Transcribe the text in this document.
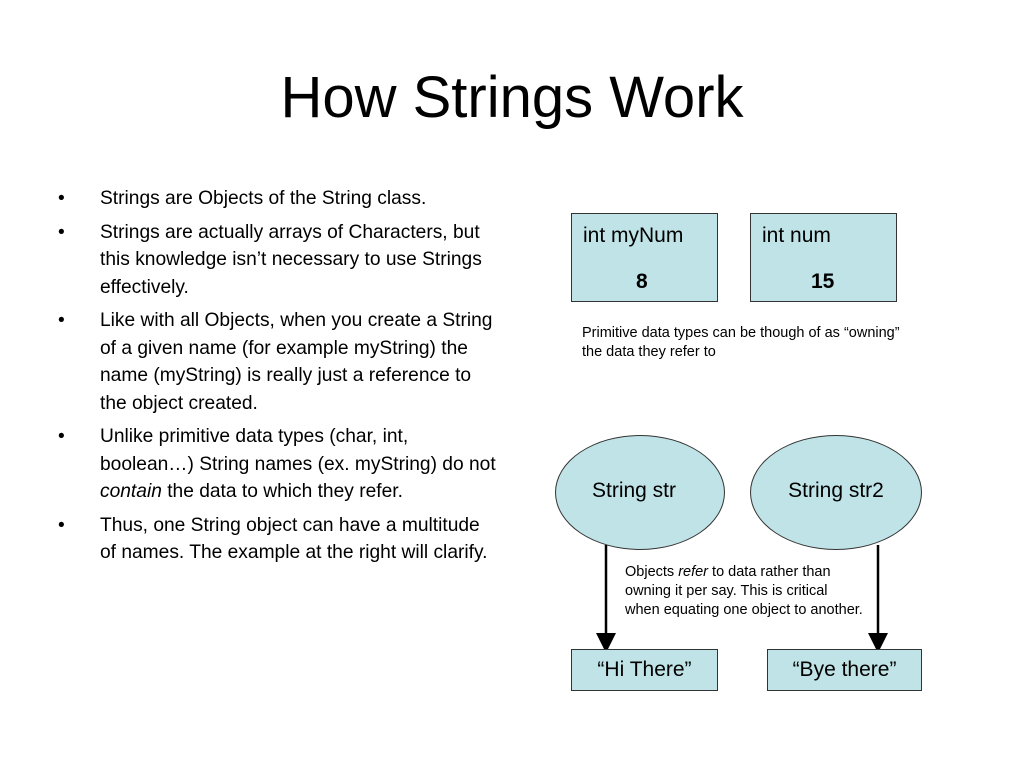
How Strings Work
• Strings are Objects of the String class.
• Strings are actually arrays of Characters, but this knowledge isn’t necessary to use Strings effectively.
• Like with all Objects, when you create a String of a given name (for example myString) the name (myString) is really just a reference to the object created.
• Unlike primitive data types (char, int, boolean…) String names (ex. myString) do not contain the data to which they refer.
• Thus, one String object can have a multitude of names. The example at the right will clarify.
int myNum
8
int num
15
Primitive data types can be though of as “owning” the data they refer to
String str	String str2
Objects refer to data rather than owning it per say. This is critical when equating one object to another.
“Hi There”	“Bye there”
